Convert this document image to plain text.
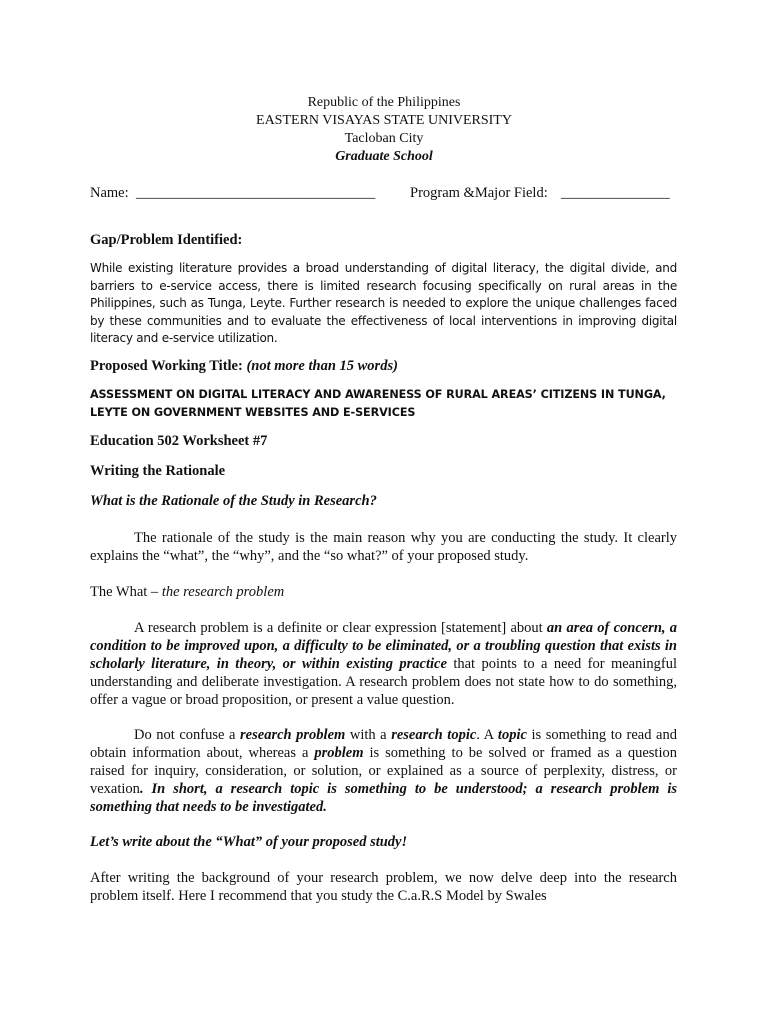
Republic of the Philippines
EASTERN VISAYAS STATE UNIVERSITY
Tacloban City
Graduate School
Name: _________________________________ Program &Major Field: _______________
Gap/Problem Identified:
While existing literature provides a broad understanding of digital literacy, the digital divide, and barriers to e-service access, there is limited research focusing specifically on rural areas in the Philippines, such as Tunga, Leyte. Further research is needed to explore the unique challenges faced by these communities and to evaluate the effectiveness of local interventions in improving digital literacy and e-service utilization.
Proposed Working Title: (not more than 15 words)
ASSESSMENT ON DIGITAL LITERACY AND AWARENESS OF RURAL AREAS’ CITIZENS IN TUNGA, LEYTE ON GOVERNMENT WEBSITES AND E-SERVICES
Education 502 Worksheet #7
Writing the Rationale
What is the Rationale of the Study in Research?
The rationale of the study is the main reason why you are conducting the study. It clearly explains the “what”, the “why”, and the “so what?” of your proposed study.
The What – the research problem
A research problem is a definite or clear expression [statement] about an area of concern, a condition to be improved upon, a difficulty to be eliminated, or a troubling question that exists in scholarly literature, in theory, or within existing practice that points to a need for meaningful understanding and deliberate investigation. A research problem does not state how to do something, offer a vague or broad proposition, or present a value question.
Do not confuse a research problem with a research topic. A topic is something to read and obtain information about, whereas a problem is something to be solved or framed as a question raised for inquiry, consideration, or solution, or explained as a source of perplexity, distress, or vexation. In short, a research topic is something to be understood; a research problem is something that needs to be investigated.
Let’s write about the “What” of your proposed study!
After writing the background of your research problem, we now delve deep into the research problem itself. Here I recommend that you study the C.a.R.S Model by Swales
